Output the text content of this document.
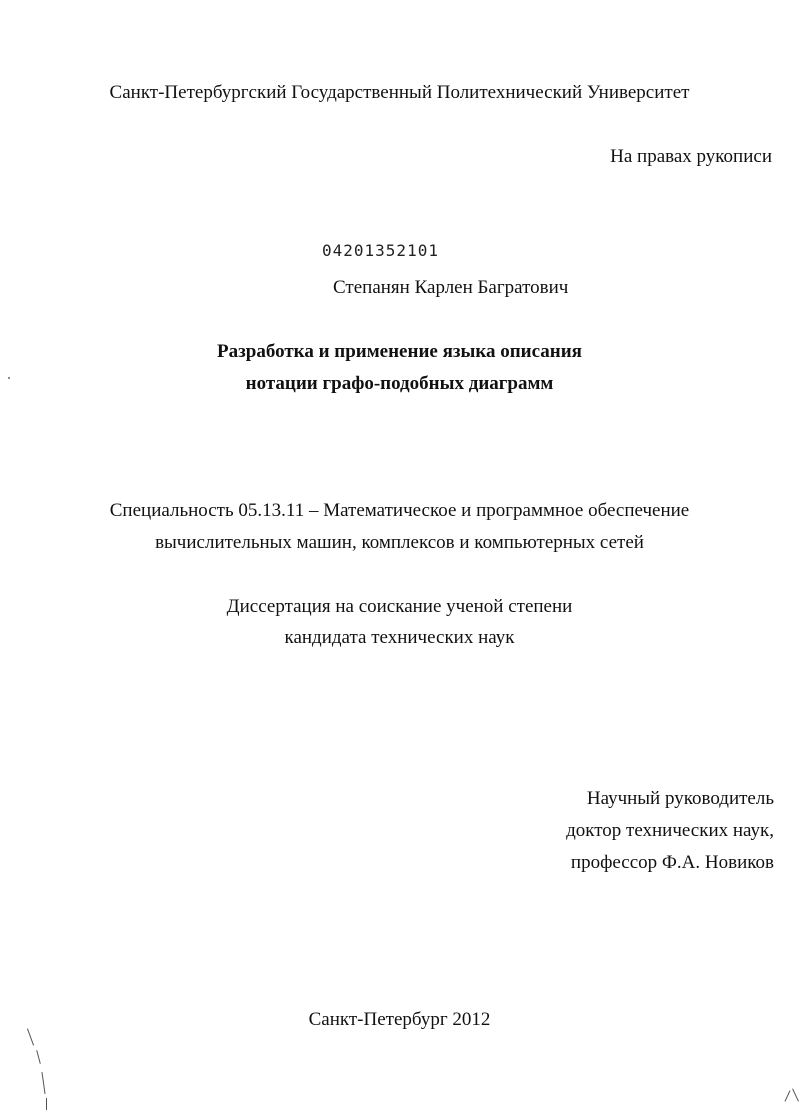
Санкт-Петербургский Государственный Политехнический Университет
На правах рукописи
04201352101
Степанян Карлен Багратович
Разработка и применение языка описания
нотации графо-подобных диаграмм
Специальность 05.13.11 – Математическое и программное обеспечение
вычислительных машин, комплексов и компьютерных сетей
Диссертация на соискание ученой степени
кандидата технических наук
Научный руководитель
доктор технических наук,
профессор Ф.А. Новиков
Санкт-Петербург 2012
